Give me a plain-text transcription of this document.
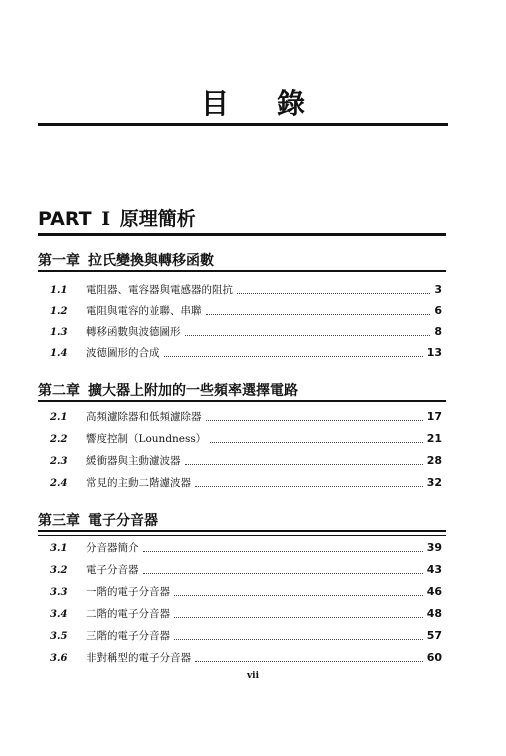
目 錄
PART I 原理簡析
第一章 拉氏變換與轉移函數
1.1	電阻器、電容器與電感器的阻抗	3
1.2	電阻與電容的並聯、串聯	6
1.3	轉移函數與波德圖形	8
1.4	波德圖形的合成	13
第二章 擴大器上附加的一些頻率選擇電路
2.1	高頻濾除器和低頻濾除器	17
2.2	響度控制（Loundness）	21
2.3	緩衝器與主動濾波器	28
2.4	常見的主動二階濾波器	32
第三章 電子分音器
3.1	分音器簡介	39
3.2	電子分音器	43
3.3	一階的電子分音器	46
3.4	二階的電子分音器	48
3.5	三階的電子分音器	57
3.6	非對稱型的電子分音器	60
vii
